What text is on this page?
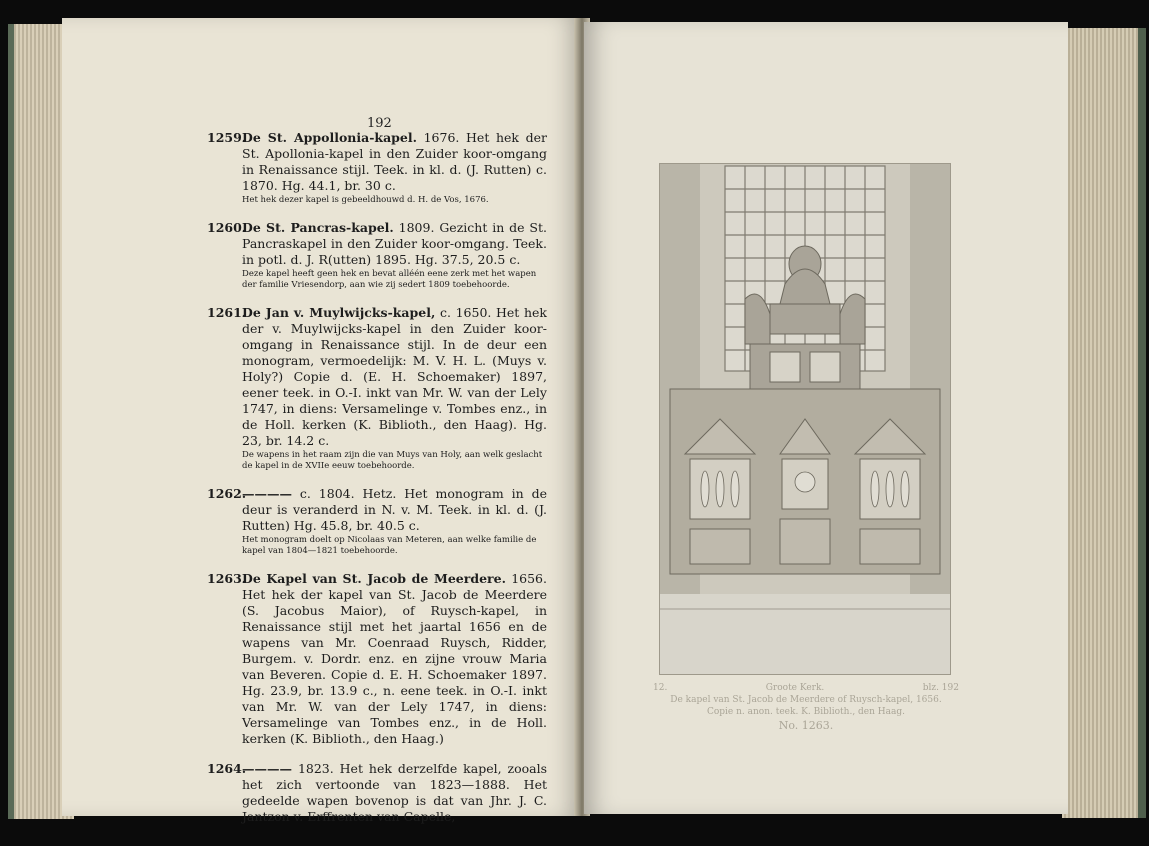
192
1259.
De St. Appollonia-kapel. 1676. Het hek der St. Apollonia-kapel in den Zuider koor-omgang in Renaissance stijl. Teek. in kl. d. (J. Rutten) c. 1870. Hg. 44.1, br. 30 c.
Het hek dezer kapel is gebeeldhouwd d. H. de Vos, 1676.
1260.
De St. Pancras-kapel. 1809. Gezicht in de St. Pancraskapel in den Zuider koor-omgang. Teek. in potl. d. J. R(utten) 1895. Hg. 37.5, 20.5 c.
Deze kapel heeft geen hek en bevat alléén eene zerk met het wapen der familie Vriesendorp, aan wie zij sedert 1809 toebehoorde.
1261.
De Jan v. Muylwijcks-kapel, c. 1650. Het hek der v. Muylwijcks-kapel in den Zuider koor-omgang in Renaissance stijl. In de deur een monogram, vermoedelijk: M. V. H. L. (Muys v. Holy?) Copie d. (E. H. Schoemaker) 1897, eener teek. in O.-I. inkt van Mr. W. van der Lely 1747, in diens: Versamelinge v. Tombes enz., in de Holl. kerken (K. Biblioth., den Haag). Hg. 23, br. 14.2 c.
De wapens in het raam zijn die van Muys van Holy, aan welk geslacht de kapel in de XVIIe eeuw toebehoorde.
1262.
———— c. 1804. Hetz. Het monogram in de deur is veranderd in N. v. M. Teek. in kl. d. (J. Rutten) Hg. 45.8, br. 40.5 c.
Het monogram doelt op Nicolaas van Meteren, aan welke familie de kapel van 1804—1821 toebehoorde.
1263.
De Kapel van St. Jacob de Meerdere. 1656. Het hek der kapel van St. Jacob de Meerdere (S. Jacobus Maior), of Ruysch-kapel, in Renaissance stijl met het jaartal 1656 en de wapens van Mr. Coenraad Ruysch, Ridder, Burgem. v. Dordr. enz. en zijne vrouw Maria van Beveren. Copie d. E. H. Schoemaker 1897. Hg. 23.9, br. 13.9 c., n. eene teek. in O.-I. inkt van Mr. W. van der Lely 1747, in diens: Versamelinge van Tombes enz., in de Holl. kerken (K. Biblioth., den Haag.)
1264.
———— 1823. Het hek derzelfde kapel, zooals het zich vertoonde van 1823—1888. Het gedeelde wapen bovenop is dat van Jhr. J. C. Jantzon v. Erffrenten van Capelle,
12.	Groote Kerk.	blz. 192
De kapel van St. Jacob de Meerdere of Ruysch-kapel, 1656.
Copie n. anon. teek. K. Biblioth., den Haag.
No. 1263.
